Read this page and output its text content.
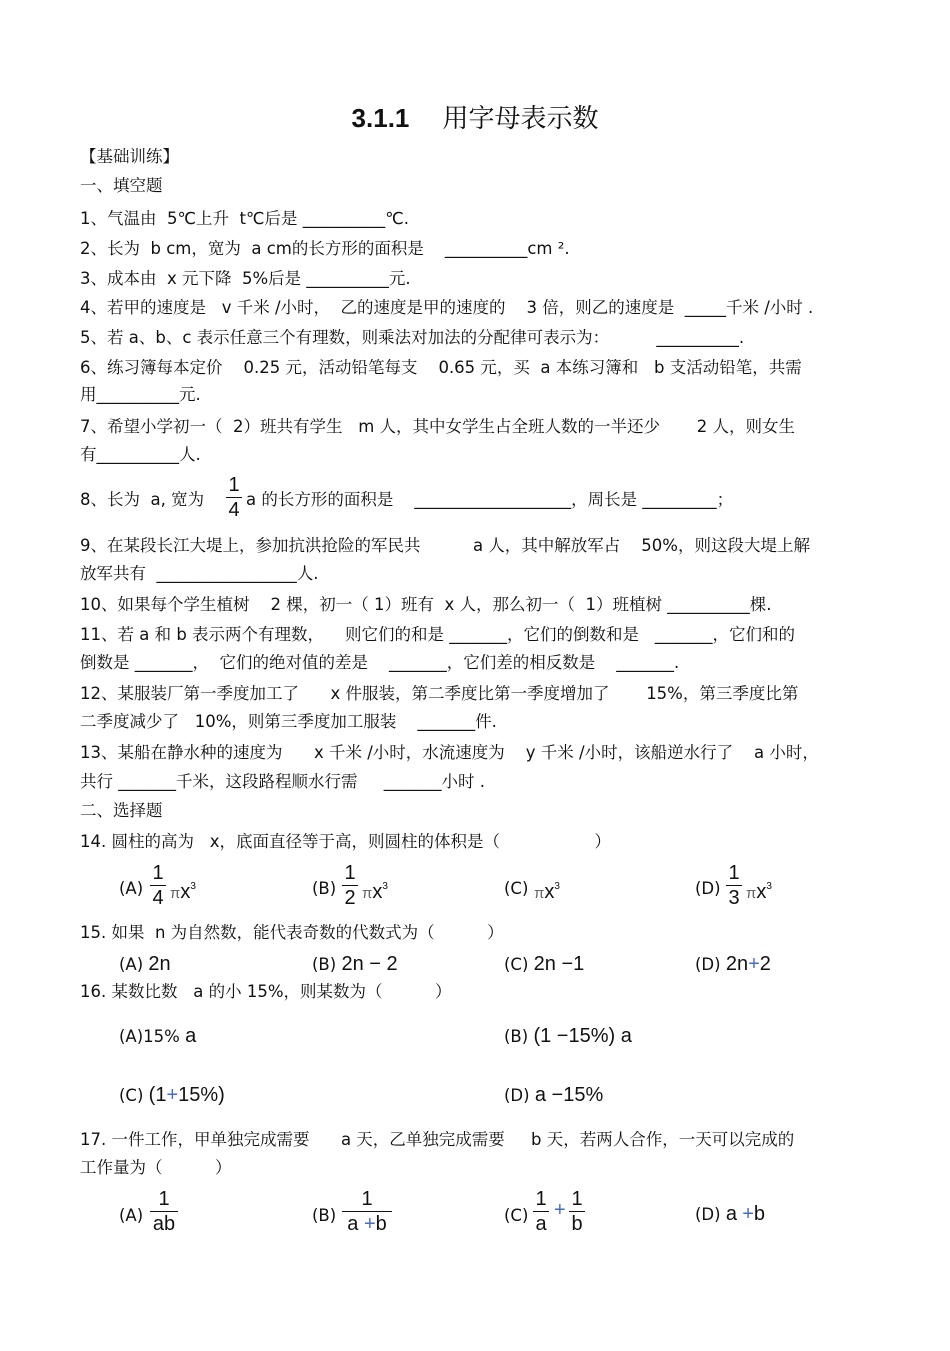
3.1.1 用字母表示数
【基础训练】
一、填空题
1、气温由  5℃上升  t℃后是 __________℃.
2、长为  b cm，宽为  a cm的长方形的面积是    __________cm ².
3、成本由  x 元下降  5%后是 __________元.
4、若甲的速度是   v 千米 /小时，  乙的速度是甲的速度的    3 倍，则乙的速度是  _____千米 /小时 .
5、若 a、b、c 表示任意三个有理数，则乘法对加法的分配律可表示为：         __________.
6、练习簿每本定价    0.25 元，活动铅笔每支    0.65 元，买  a 本练习簿和   b 支活动铅笔，共需
用__________元.
7、希望小学初一（  2）班共有学生   m 人，其中女学生占全班人数的一半还少       2 人，则女生
有__________人.
8、长为  a, 宽为
1
4 a 的长方形的面积是    ___________________，周长是 _________；
9、在某段长江大堤上，参加抗洪抢险的军民共          a 人，其中解放军占    50%，则这段大堤上解
放军共有  _________________人.
10、如果每个学生植树    2 棵，初一（ 1）班有  x 人，那么初一（  1）班植树 __________棵.
11、若 a 和 b 表示两个有理数，    则它们的和是 _______，它们的倒数和是   _______，它们和的
倒数是 _______，  它们的绝对值的差是    _______，它们差的相反数是    _______.
12、某服装厂第一季度加工了      x 件服装，第二季度比第一季度增加了       15%，第三季度比第
二季度减少了   10%，则第三季度加工服装    _______件.
13、某船在静水种的速度为      x 千米 /小时，水流速度为    y 千米 /小时，该船逆水行了    a 小时，
共行 _______千米，这段路程顺水行需     _______小时 .
二、选择题
14. 圆柱的高为   x，底面直径等于高，则圆柱的体积是（                  ）
(A)
1
4 $\pi x^3$	(B)
1
2 $\pi x^3$	(C) $\pi x^3$	(D)
1
3 $\pi x^3$
15. 如果  n 为自然数，能代表奇数的代数式为（          ）
(A) 2n	(B) 2n − 2	(C) 2n −1	(D) 2n+2
16. 某数比数   a 的小 15%，则某数为（          ）
(A)15% a	(B) (1 −15%) a
(C) (1+15%)	(D) a −15%
17. 一件工作，甲单独完成需要      a 天，乙单独完成需要     b 天，若两人合作，一天可以完成的
工作量为（          ）
(A)
1
ab	(B)
1
a +b	(C)
1
a
+ 1
b	(D) a +b
